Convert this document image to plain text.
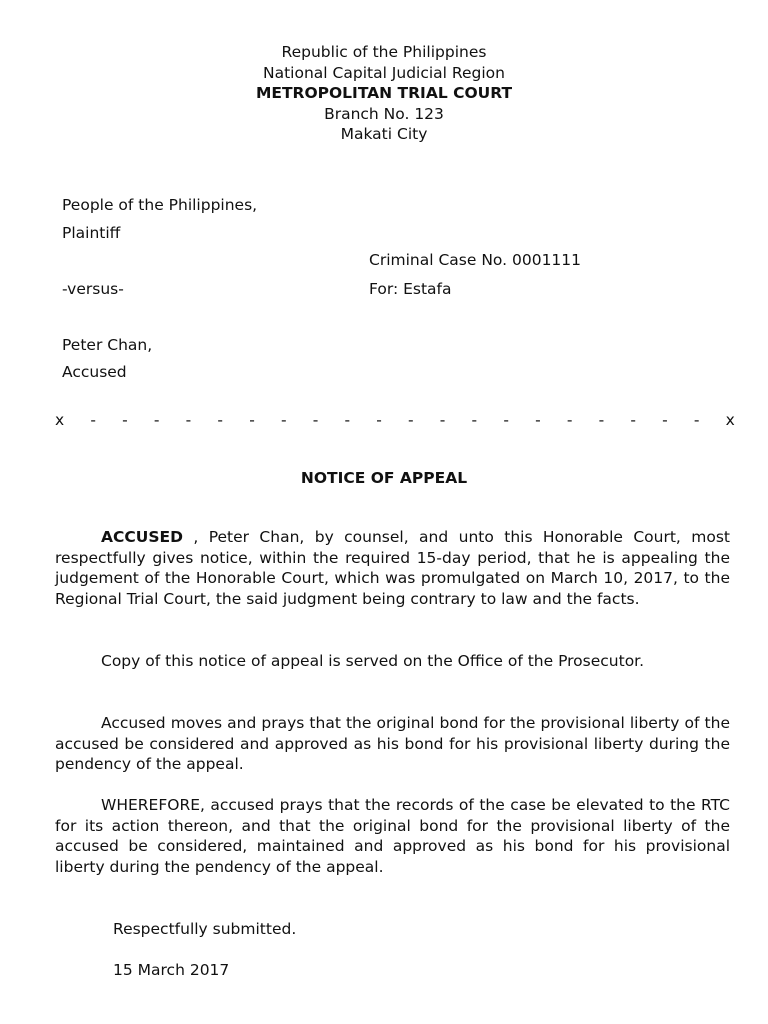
Republic of the Philippines
National Capital Judicial Region
METROPOLITAN TRIAL COURT
Branch No. 123
Makati City
People of the Philippines,
Plaintiff
Criminal Case No. 0001111
-versus-	For: Estafa
Peter Chan,
Accused
x - - - - - - - - - - - - - - - - - - - - x
NOTICE OF APPEAL

ACCUSED , Peter Chan, by counsel, and unto this Honorable Court, most respectfully gives notice, within the required 15-day period, that he is appealing the judgement of the Honorable Court, which was promulgated on March 10, 2017, to the Regional Trial Court, the said judgment being contrary to law and the facts.

Copy of this notice of appeal is served on the Office of the Prosecutor.

Accused moves and prays that the original bond for the provisional liberty of the accused be considered and approved as his bond for his provisional liberty during the pendency of the appeal.

WHEREFORE, accused prays that the records of the case be elevated to the RTC for its action thereon, and that the original bond for the provisional liberty of the accused be considered, maintained and approved as his bond for his provisional liberty during the pendency of the appeal.

Respectfully submitted.
15 March 2017
